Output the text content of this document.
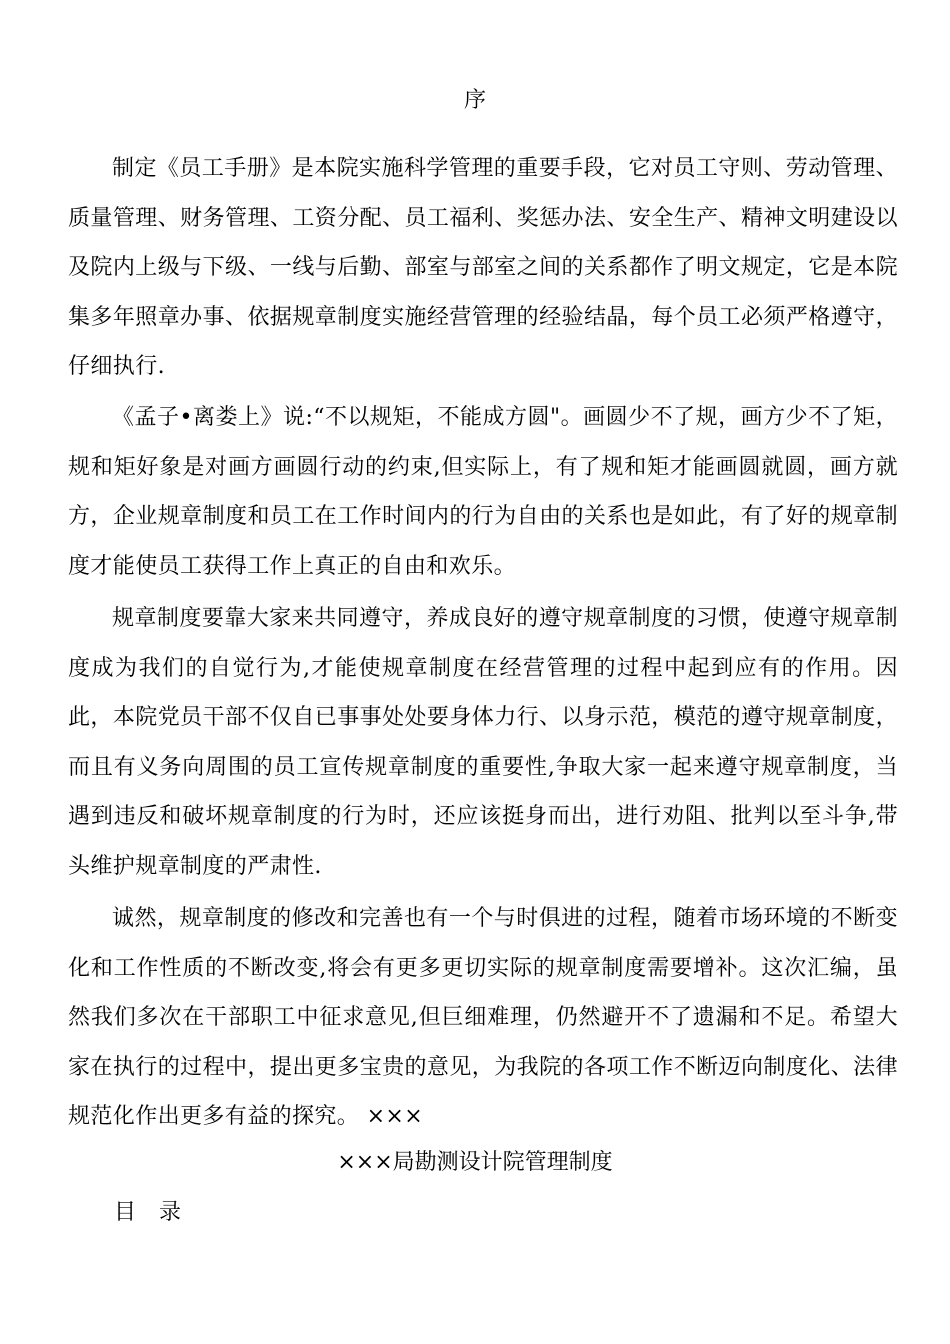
序

制定《员工手册》是本院实施科学管理的重要手段，它对员工守则、劳动管理、质量管理、财务管理、工资分配、员工福利、奖惩办法、安全生产、精神文明建设以及院内上级与下级、一线与后勤、部室与部室之间的关系都作了明文规定，它是本院集多年照章办事、依据规章制度实施经营管理的经验结晶，每个员工必须严格遵守，仔细执行.

《孟子•离娄上》说:“不以规矩，不能成方圆"。画圆少不了规，画方少不了矩，规和矩好象是对画方画圆行动的约束,但实际上，有了规和矩才能画圆就圆，画方就方，企业规章制度和员工在工作时间内的行为自由的关系也是如此，有了好的规章制度才能使员工获得工作上真正的自由和欢乐。

规章制度要靠大家来共同遵守，养成良好的遵守规章制度的习惯，使遵守规章制度成为我们的自觉行为,才能使规章制度在经营管理的过程中起到应有的作用。因此，本院党员干部不仅自已事事处处要身体力行、以身示范，模范的遵守规章制度，而且有义务向周围的员工宣传规章制度的重要性,争取大家一起来遵守规章制度，当遇到违反和破坏规章制度的行为时，还应该挺身而出，进行劝阻、批判以至斗争,带头维护规章制度的严肃性.

诚然，规章制度的修改和完善也有一个与时俱进的过程，随着市场环境的不断变化和工作性质的不断改变,将会有更多更切实际的规章制度需要增补。这次汇编，虽然我们多次在干部职工中征求意见,但巨细难理，仍然避开不了遗漏和不足。希望大家在执行的过程中，提出更多宝贵的意见，为我院的各项工作不断迈向制度化、法律规范化作出更多有益的探究。 ×××

×××局勘测设计院管理制度
目 录
